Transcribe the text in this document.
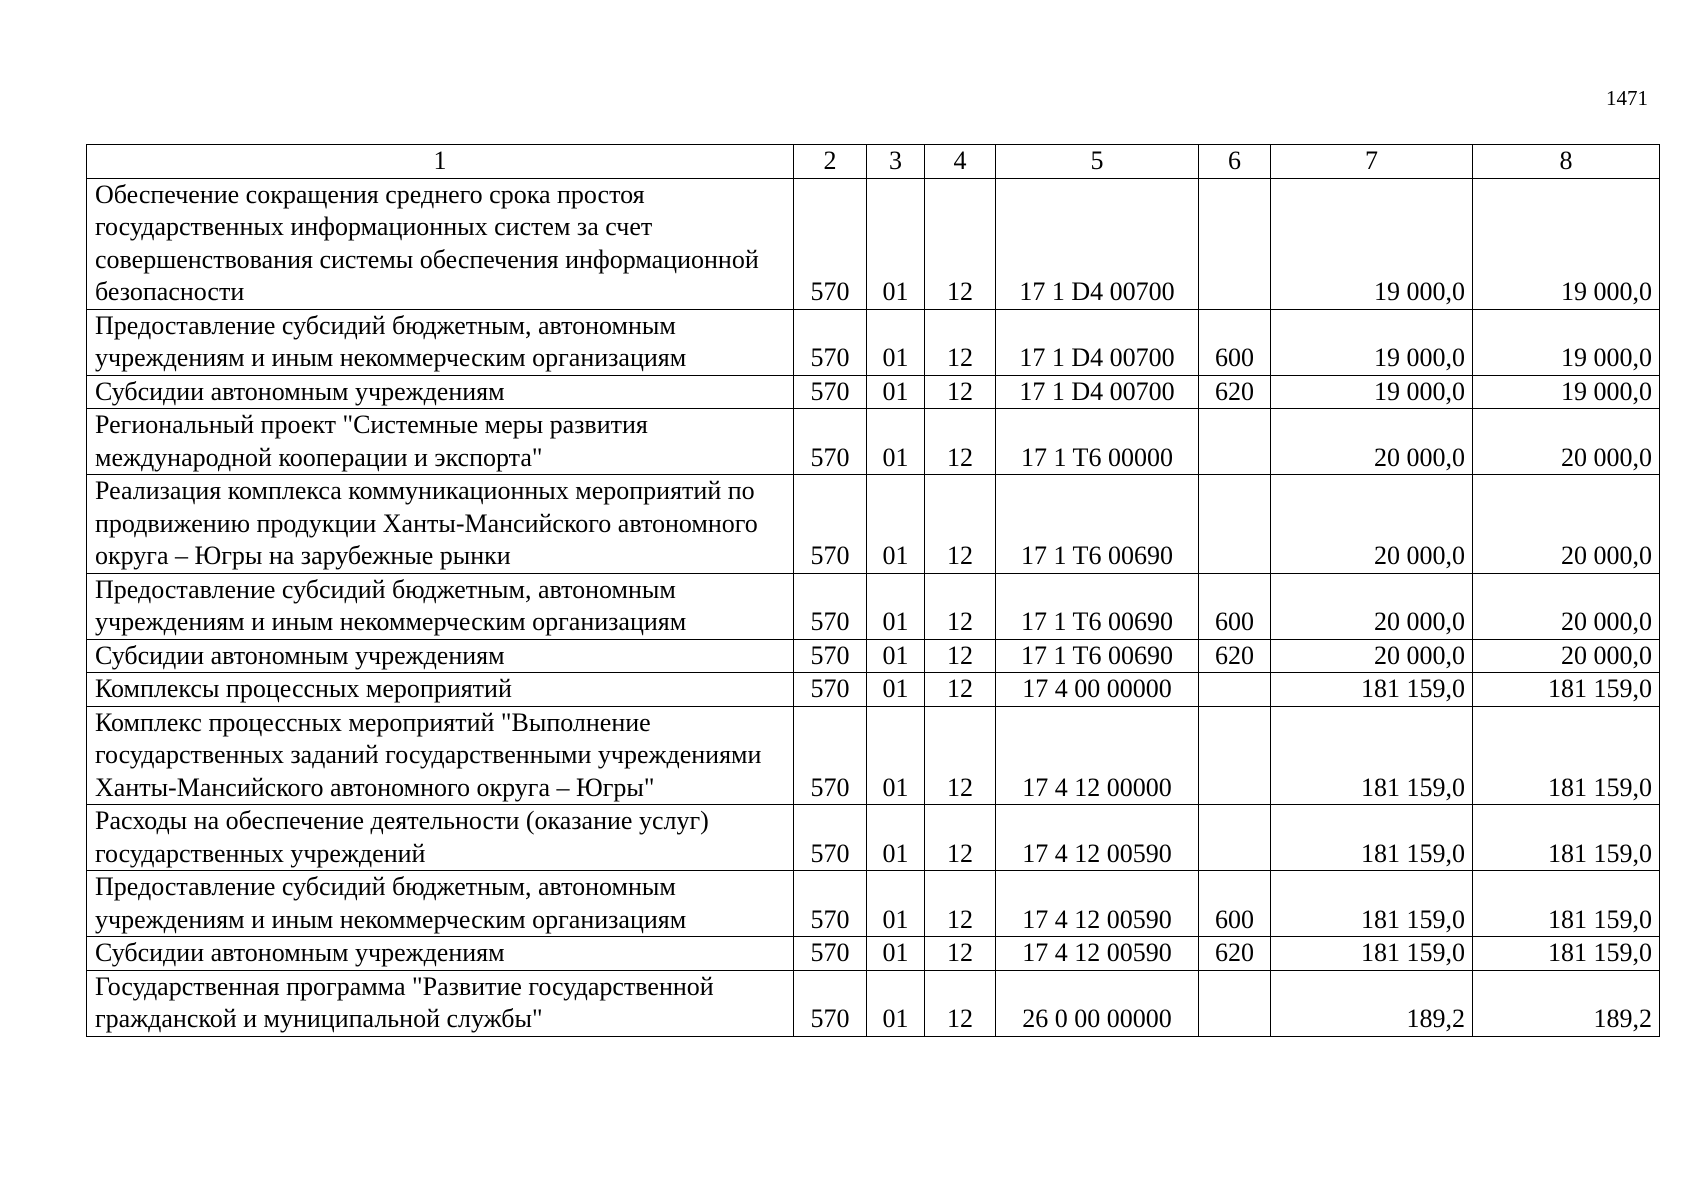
1471
1	2	3	4	5	6	7	8
Обеспечение сокращения среднего срока простоя государственных информационных систем за счет совершенствования системы обеспечения информационной безопасности	570	01	12	17 1 D4 00700		19 000,0	19 000,0
Предоставление субсидий бюджетным, автономным учреждениям и иным некоммерческим организациям	570	01	12	17 1 D4 00700	600	19 000,0	19 000,0
Субсидии автономным учреждениям	570	01	12	17 1 D4 00700	620	19 000,0	19 000,0
Региональный проект "Системные меры развития международной кооперации и экспорта"	570	01	12	17 1 T6 00000		20 000,0	20 000,0
Реализация комплекса коммуникационных мероприятий по продвижению продукции Ханты-Мансийского автономного округа – Югры на зарубежные рынки	570	01	12	17 1 T6 00690		20 000,0	20 000,0
Предоставление субсидий бюджетным, автономным учреждениям и иным некоммерческим организациям	570	01	12	17 1 T6 00690	600	20 000,0	20 000,0
Субсидии автономным учреждениям	570	01	12	17 1 T6 00690	620	20 000,0	20 000,0
Комплексы процессных мероприятий	570	01	12	17 4 00 00000		181 159,0	181 159,0
Комплекс процессных мероприятий "Выполнение государственных заданий государственными учреждениями Ханты-Мансийского автономного округа – Югры"	570	01	12	17 4 12 00000		181 159,0	181 159,0
Расходы на обеспечение деятельности (оказание услуг) государственных учреждений	570	01	12	17 4 12 00590		181 159,0	181 159,0
Предоставление субсидий бюджетным, автономным учреждениям и иным некоммерческим организациям	570	01	12	17 4 12 00590	600	181 159,0	181 159,0
Субсидии автономным учреждениям	570	01	12	17 4 12 00590	620	181 159,0	181 159,0
Государственная программа "Развитие государственной гражданской и муниципальной службы"	570	01	12	26 0 00 00000		189,2	189,2
